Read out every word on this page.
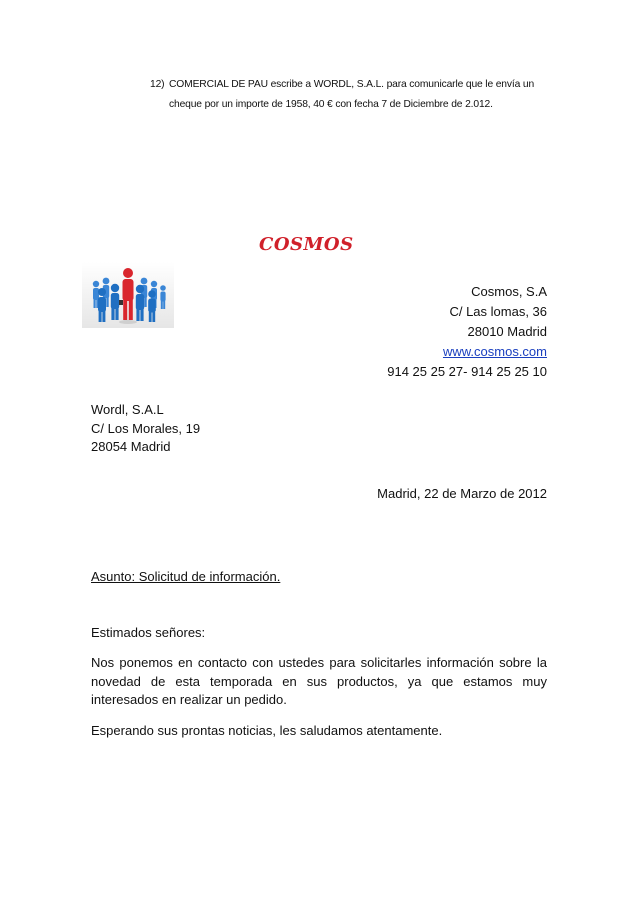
12) COMERCIAL DE PAU escribe a WORDL, S.A.L. para comunicarle que le envía un
cheque por un importe de 1958, 40 € con fecha 7 de Diciembre de 2.012.
COSMOS
Cosmos, S.A
C/ Las lomas, 36
28010 Madrid
www.cosmos.com
914 25 25 27- 914 25 25 10
Wordl, S.A.L
C/ Los Morales, 19
28054 Madrid
Madrid, 22 de Marzo de 2012
Asunto: Solicitud de información.
Estimados señores:
Nos ponemos en contacto con ustedes para solicitarles información sobre la novedad de esta temporada en sus productos, ya que estamos muy interesados en realizar un pedido.
Esperando sus prontas noticias, les saludamos atentamente.
